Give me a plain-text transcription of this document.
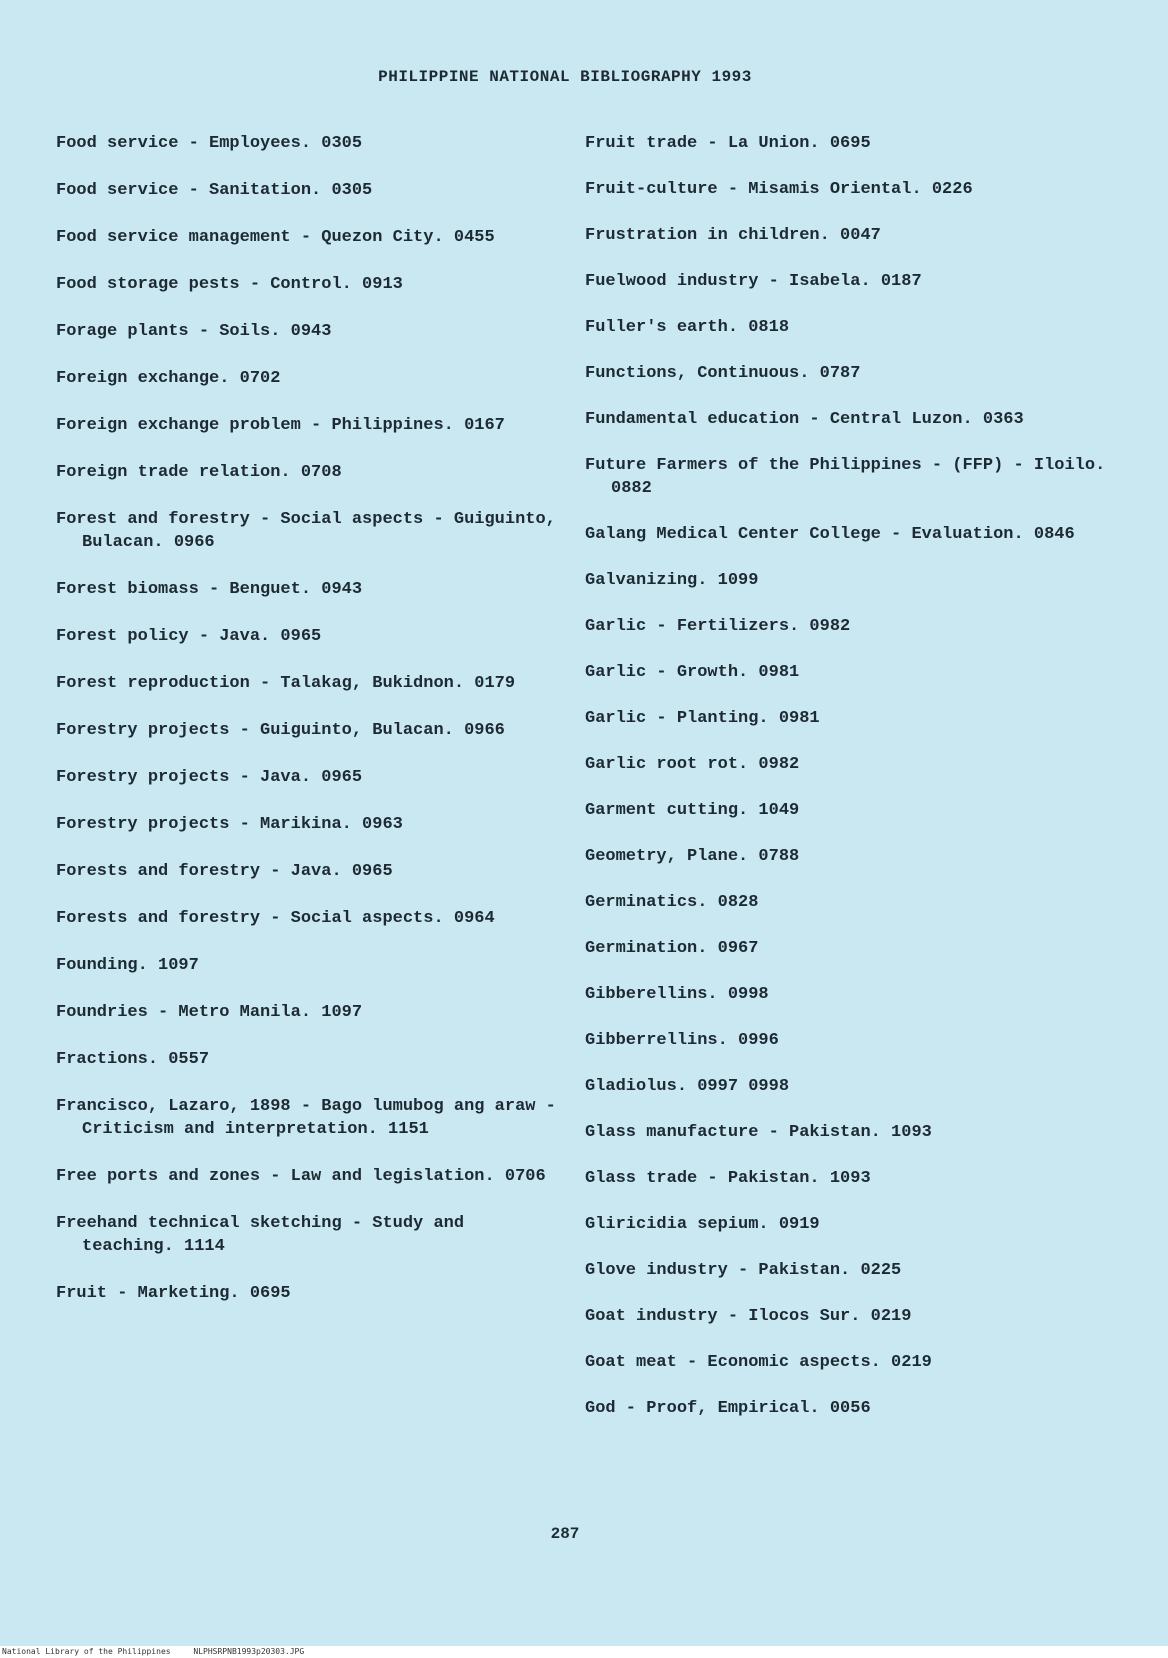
PHILIPPINE NATIONAL BIBLIOGRAPHY 1993
Food service - Employees. 0305
Food service - Sanitation. 0305
Food service management - Quezon City. 0455
Food storage pests - Control. 0913
Forage plants - Soils. 0943
Foreign exchange. 0702
Foreign exchange problem - Philippines. 0167
Foreign trade relation. 0708
Forest and forestry - Social aspects - Guiguinto, Bulacan. 0966
Forest biomass - Benguet. 0943
Forest policy - Java. 0965
Forest reproduction - Talakag, Bukidnon. 0179
Forestry projects - Guiguinto, Bulacan. 0966
Forestry projects - Java. 0965
Forestry projects - Marikina. 0963
Forests and forestry - Java. 0965
Forests and forestry - Social aspects. 0964
Founding. 1097
Foundries - Metro Manila. 1097
Fractions. 0557
Francisco, Lazaro, 1898 - Bago lumubog ang araw - Criticism and interpretation. 1151
Free ports and zones - Law and legislation. 0706
Freehand technical sketching - Study and teaching. 1114
Fruit - Marketing. 0695
Fruit trade - La Union. 0695
Fruit-culture - Misamis Oriental. 0226
Frustration in children. 0047
Fuelwood industry - Isabela. 0187
Fuller's earth. 0818
Functions, Continuous. 0787
Fundamental education - Central Luzon. 0363
Future Farmers of the Philippines - (FFP) - Iloilo. 0882
Galang Medical Center College - Evaluation. 0846
Galvanizing. 1099
Garlic - Fertilizers. 0982
Garlic - Growth. 0981
Garlic - Planting. 0981
Garlic root rot. 0982
Garment cutting. 1049
Geometry, Plane. 0788
Germinatics. 0828
Germination. 0967
Gibberellins. 0998
Gibberrellins. 0996
Gladiolus. 0997 0998
Glass manufacture - Pakistan. 1093
Glass trade - Pakistan. 1093
Gliricidia sepium. 0919
Glove industry - Pakistan. 0225
Goat industry - Ilocos Sur. 0219
Goat meat - Economic aspects. 0219
God - Proof, Empirical. 0056
287
National Library of the Philippines	NLPHSRPNB1993p20303.JPG
